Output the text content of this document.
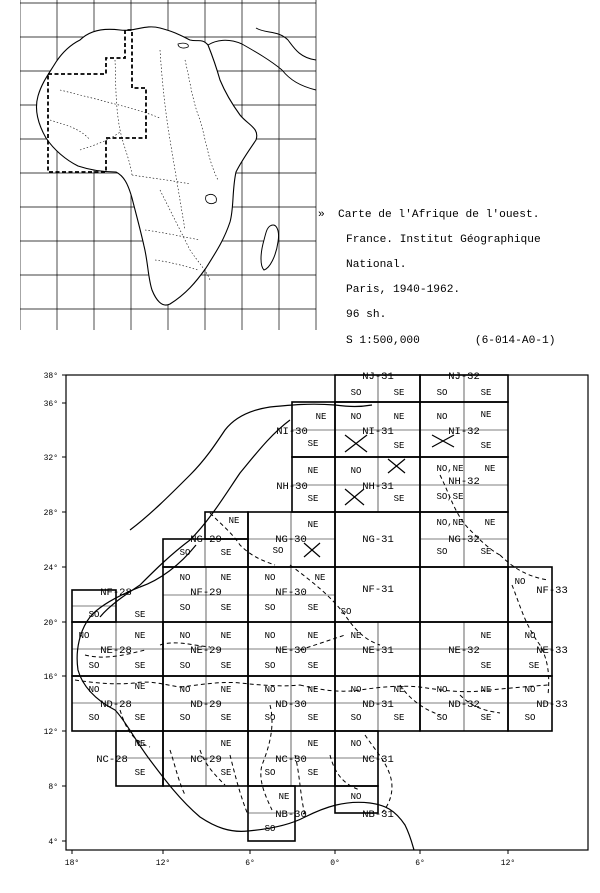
» Carte de l'Afrique de l'ouest.

France. Institut Géographique

National.

Paris, 1940-1962.

96 sh.

S 1:500,000	(6-014-A0-1)

38°
36°
32°
28°
24°
20°
16°
12°
8°
4°
18°	12°	6°	0°	6°	12°
NJ-31	NJ-32
NI-30	NI-31	NI-32
NH-30	NH-31	NH-32
NG-29	NG-30	NG-31	NG-32
NF-28	NF-29	NF-30	NF-31	NF-33
NE-28	NE-29	NE-30	NE-31	NE-32	NE-33
ND-28	ND-29	ND-30	ND-31	ND-32	ND-33
NC-28	NC-29	NC-30	NC-31
NB-30	NB-31
SO	SE	SO	SE
NE	NO	NE	NO	NE
SE	SE	SE
NE	NO	NO,NE NE
SE	SE	SO,SE
NE	NE	NO,NE NE
SO	SE	SO	SO	SE
NO	NE	NO	NE	NO
SO	SE
SO	SE	SO	SE SO
NO	NE	NO	NE	NO	NE	NE	NE	NO
SO	SE	SO	SE	SO	SE	SE	SE
NO	NE	NO	NE	NO	NE	NO	NE	NO	NE	NO
SO	SE	SO	SE	SO	SE	SO	SE	SO	SE	SO
NE	NE	NE	NO
SE	SE	SO	SE
NO
NE
SO
